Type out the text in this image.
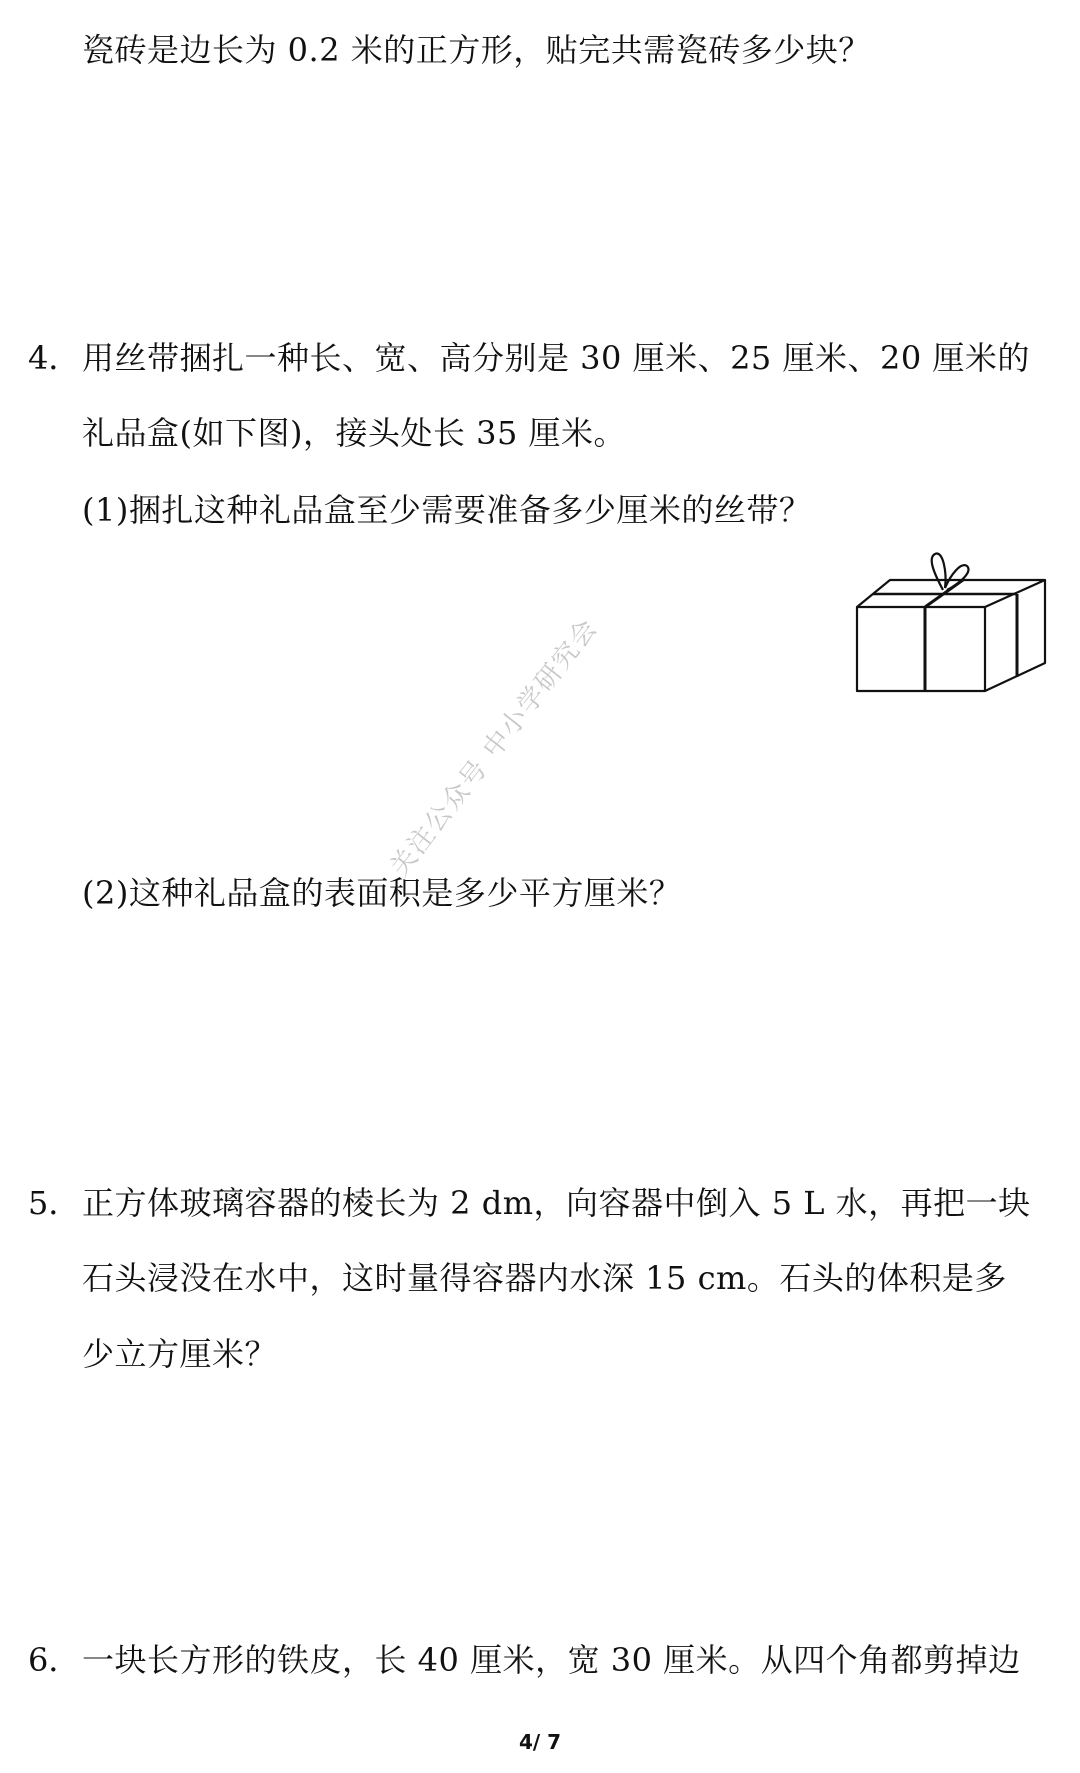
瓷砖是边长为 0.2 米的正方形，贴完共需瓷砖多少块？
4． 用丝带捆扎一种长、宽、高分别是 30 厘米、25 厘米、20 厘米的
礼品盒(如下图)，接头处长 35 厘米。
(1)捆扎这种礼品盒至少需要准备多少厘米的丝带？
关注公众号 中小学研究会
(2)这种礼品盒的表面积是多少平方厘米？
5． 正方体玻璃容器的棱长为 2 dm，向容器中倒入 5 L 水，再把一块
石头浸没在水中，这时量得容器内水深 15 cm。石头的体积是多
少立方厘米？
6． 一块长方形的铁皮，长 40 厘米，宽 30 厘米。从四个角都剪掉边
4/ 7
